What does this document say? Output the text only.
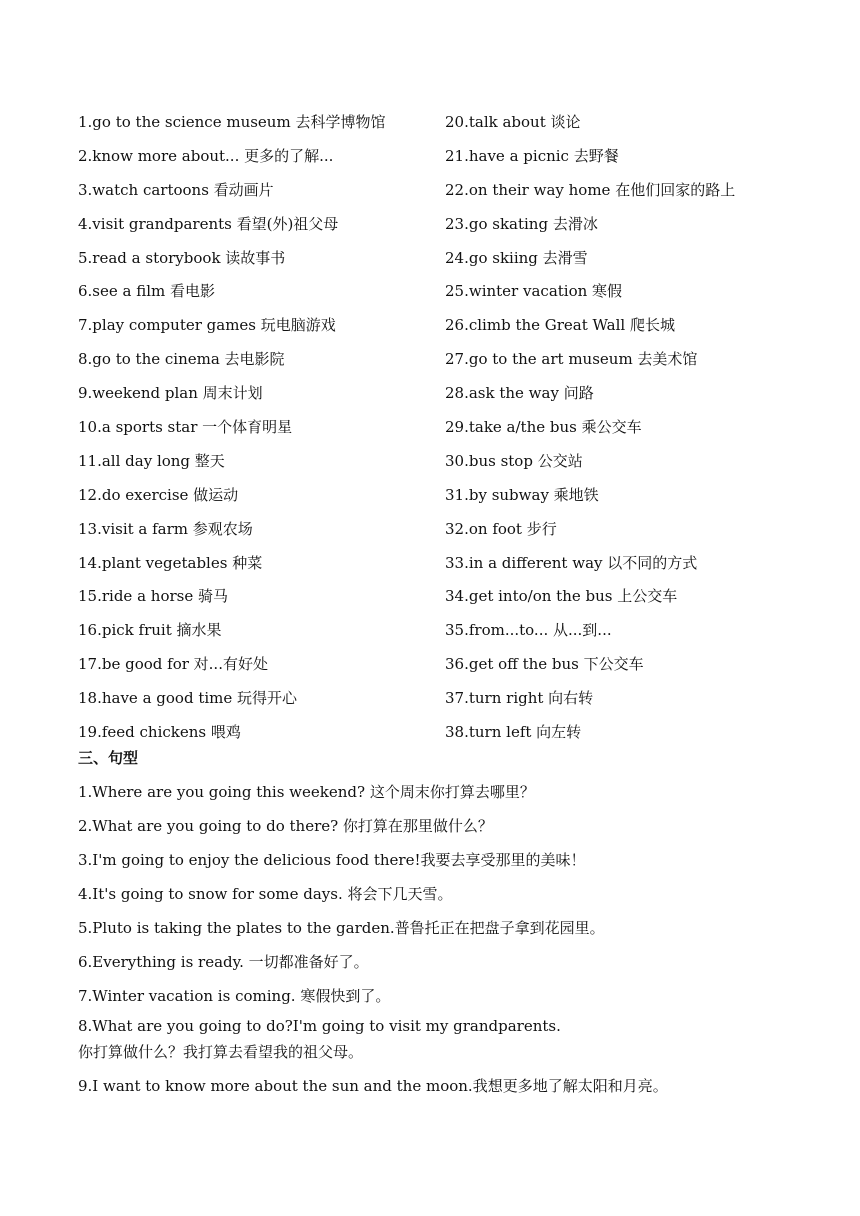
1.go to the science museum 去科学博物馆
2.know more about... 更多的了解...
3.watch cartoons 看动画片
4.visit grandparents 看望(外)祖父母
5.read a storybook 读故事书
6.see a film 看电影
7.play computer games 玩电脑游戏
8.go to the cinema 去电影院
9.weekend plan 周末计划
10.a sports star 一个体育明星
11.all day long 整天
12.do exercise 做运动
13.visit a farm 参观农场
14.plant vegetables 种菜
15.ride a horse 骑马
16.pick fruit 摘水果
17.be good for 对...有好处
18.have a good time 玩得开心
19.feed chickens 喂鸡
20.talk about 谈论
21.have a picnic 去野餐
22.on their way home 在他们回家的路上
23.go skating 去滑冰
24.go skiing 去滑雪
25.winter vacation 寒假
26.climb the Great Wall 爬长城
27.go to the art museum 去美术馆
28.ask the way 问路
29.take a/the bus 乘公交车
30.bus stop 公交站
31.by subway 乘地铁
32.on foot 步行
33.in a different way 以不同的方式
34.get into/on the bus 上公交车
35.from...to... 从...到...
36.get off the bus 下公交车
37.turn right 向右转
38.turn left 向左转
三、句型
1.Where are you going this weekend? 这个周末你打算去哪里？
2.What are you going to do there? 你打算在那里做什么？
3.I'm going to enjoy the delicious food there!我要去享受那里的美味！
4.It's going to snow for some days. 将会下几天雪。
5.Pluto is taking the plates to the garden.普鲁托正在把盘子拿到花园里。
6.Everything is ready. 一切都准备好了。
7.Winter vacation is coming. 寒假快到了。
8.What are you going to do?I'm going to visit my grandparents.
你打算做什么？我打算去看望我的祖父母。
9.I want to know more about the sun and the moon.我想更多地了解太阳和月亮。
